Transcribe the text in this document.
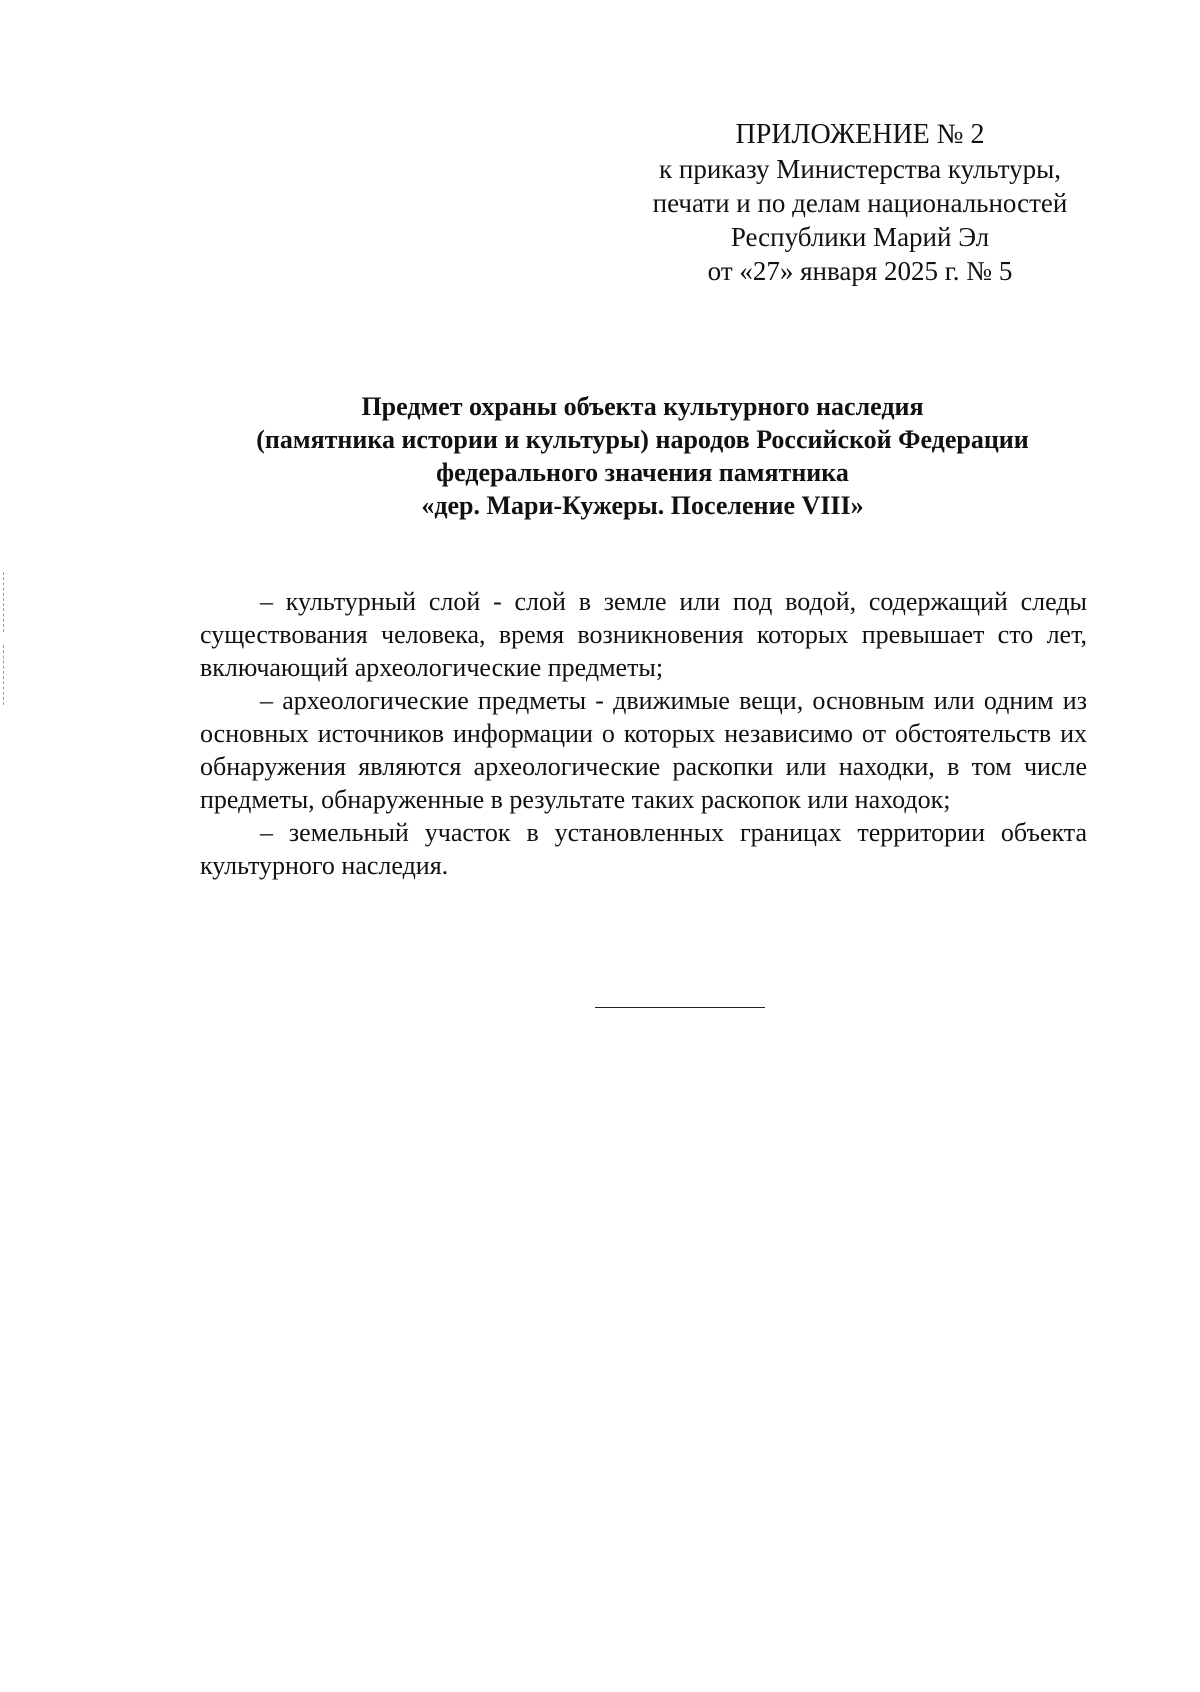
ПРИЛОЖЕНИЕ № 2
к приказу Министерства культуры,
печати и по делам национальностей
Республики Марий Эл
от «27» января 2025 г. № 5
Предмет охраны объекта культурного наследия
(памятника истории и культуры) народов Российской Федерации
федерального значения памятника
«дер. Мари-Кужеры. Поселение VIII»

– культурный слой - слой в земле или под водой, содержащий следы существования человека, время возникновения которых превышает сто лет, включающий археологические предметы;

– археологические предметы - движимые вещи, основным или одним из основных источников информации о которых независимо от обстоятельств их обнаружения являются археологические раскопки или находки, в том числе предметы, обнаруженные в результате таких раскопок или находок;

– земельный участок в установленных границах территории объекта культурного наследия.
